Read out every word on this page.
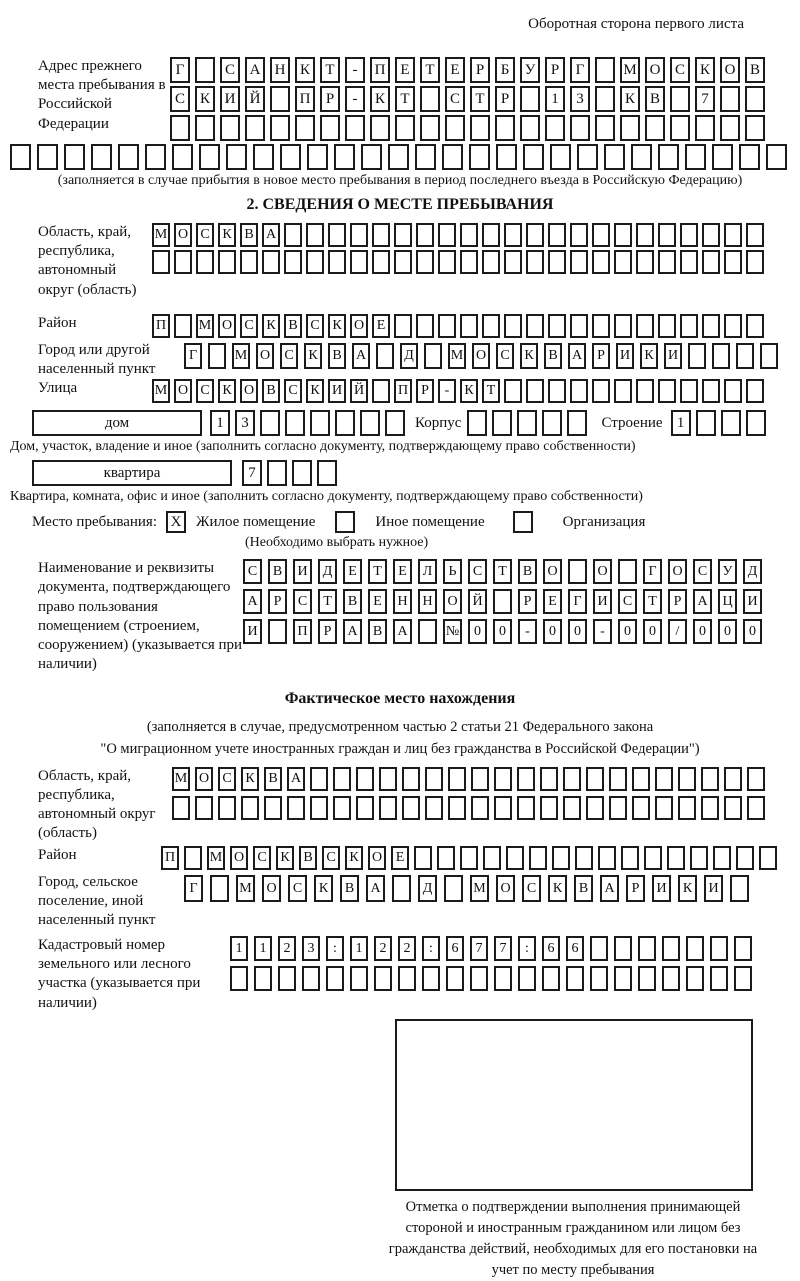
Оборотная сторона первого листа
Адрес прежнего места пребывания в Российской Федерации
Г	С А Н К	Т	-	П Е	Т	Е	Р	Б	У	Р	Г	М О С К О В
С К И Й	П	Р	-	К	Т	С	Т	Р	1	3	К В	7
(заполняется в случае прибытия в новое место пребывания в период последнего въезда в Российскую Федерацию)
2. СВЕДЕНИЯ О МЕСТЕ ПРЕБЫВАНИЯ
Область, край, республика, автономный округ (область)
М О С К В А
Район	П М О С К В С К О Е
Город или другой населенный пункт
Г	М О	С	К	В	А	Д	М О	С	К	В	А	Р	И	К	И
Улица	М О С К О В С К И Й П Р	-	К Т
дом	1	3	Корпус	Строение 1
Дом, участок, владение и иное (заполнить согласно документу, подтверждающему право собственности)
квартира	7
Квартира, комната, офис и иное (заполнить согласно документу, подтверждающему право собственности)
Место пребывания: X Жилое помещение	Иное помещение	Организация
(Необходимо выбрать нужное)
Наименование и реквизиты документа, подтверждающего право пользования помещением (строением, сооружением) (указывается при наличии)
С	В	И	Д	Е	Т	Е	Л	Ь	С	Т	В	О	О	Г	О	С	У	Д
А	Р	С	Т	В	Е	Н	Н	О	Й	Р	Е	Г	И	С	Т	Р	А	Ц	И
И	П	Р	А	В	А	№	0	0	-	0	0	-	0	0	/	0	0	0
Фактическое место нахождения
(заполняется в случае, предусмотренном частью 2 статьи 21 Федерального закона
"О миграционном учете иностранных граждан и лиц без гражданства в Российской Федерации")
Область, край, республика, автономный округ (область)
М О С К В А
Район	П М О С К В С К О Е
Город, сельское поселение, иной населенный пункт
Г	М	О	С	К	В	А	Д	М	О	С	К	В	А	Р	И	К	И
Кадастровый номер земельного или лесного участка (указывается при наличии)
1	1	2	3	:	1	2	2	:	6	7	7	:	6	6
Отметка о подтверждении выполнения принимающей стороной и иностранным гражданином или лицом без гражданства действий, необходимых для его постановки на учет по месту пребывания
